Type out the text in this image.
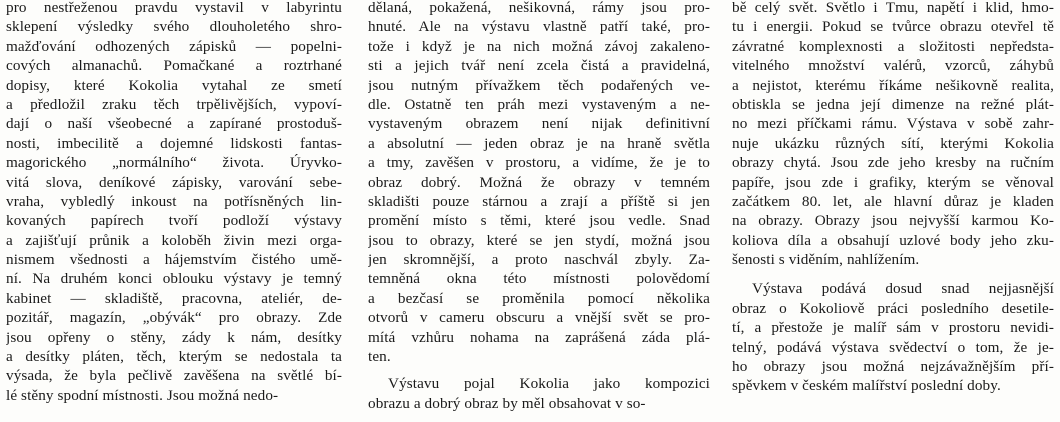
pro nestřeženou pravdu vystavil v labyrintu
sklepení výsledky svého dlouholetého shro-
mažďování odhozených zápisků — popelni-
cových almanachů. Pomačkané a roztrhané
dopisy, které Kokolia vytahal ze smetí
a předložil zraku těch trpělivějších, vypoví-
dají o naší všeobecné a zapírané prostoduš-
nosti, imbecilitě a dojemné lidskosti fantas-
magorického „normálního“ života. Úryvko-
vitá slova, deníkové zápisky, varování sebe-
vraha, vybledlý inkoust na potřísněných lin-
kovaných papírech tvoří podloží výstavy
a zajišťují průnik a koloběh živin mezi orga-
nismem všednosti a hájemstvím čistého umě-
ní. Na druhém konci oblouku výstavy je temný
kabinet — skladiště, pracovna, ateliér, de-
pozitář, magazín, „obývák“ pro obrazy. Zde
jsou opřeny o stěny, zády k nám, desítky
a desítky pláten, těch, kterým se nedostala ta
výsada, že byla pečlivě zavěšena na světlé bí-
lé stěny spodní místnosti. Jsou možná nedo-
dělaná, pokažená, nešikovná, rámy jsou pro-
hnuté. Ale na výstavu vlastně patří také, pro-
tože i když je na nich možná závoj zakaleno-
sti a jejich tvář není zcela čistá a pravidelná,
jsou nutným přívažkem těch podařených ve-
dle. Ostatně ten práh mezi vystaveným a ne-
vystaveným obrazem není nijak definitivní
a absolutní — jeden obraz je na hraně světla
a tmy, zavěšen v prostoru, a vidíme, že je to
obraz dobrý. Možná že obrazy v temném
skladišti pouze stárnou a zrají a příště si jen
promění místo s těmi, které jsou vedle. Snad
jsou to obrazy, které se jen stydí, možná jsou
jen skromnější, a proto naschvál zbyly. Za-
temněná okna této místnosti polovědomí
a bezčasí se proměnila pomocí několika
otvorů v cameru obscuru a vnější svět se pro-
mítá vzhůru nohama na zaprášená záda plá-
ten.
Výstavu pojal Kokolia jako kompozici
obrazu a dobrý obraz by měl obsahovat v so-
bě celý svět. Světlo i Tmu, napětí i klid, hmo-
tu i energii. Pokud se tvůrce obrazu otevřel tě
závratné komplexnosti a složitosti nepředsta-
vitelného množství valérů, vzorců, záhybů
a nejistot, kterému říkáme nešikovně realita,
obtiskla se jedna její dimenze na režné plát-
no mezi příčkami rámu. Výstava v sobě zahr-
nuje ukázku různých sítí, kterými Kokolia
obrazy chytá. Jsou zde jeho kresby na ručním
papíře, jsou zde i grafiky, kterým se věnoval
začátkem 80. let, ale hlavní důraz je kladen
na obrazy. Obrazy jsou nejvyšší karmou Ko-
koliova díla a obsahují uzlové body jeho zku-
šenosti s viděním, nahlížením.
Výstava podává dosud snad nejjasnější
obraz o Kokoliově práci posledního desetile-
tí, a přestože je malíř sám v prostoru nevidi-
telný, podává výstava svědectví o tom, že je-
ho obrazy jsou možná nejzávažnějším pří-
spěvkem v českém malířství poslední doby.
